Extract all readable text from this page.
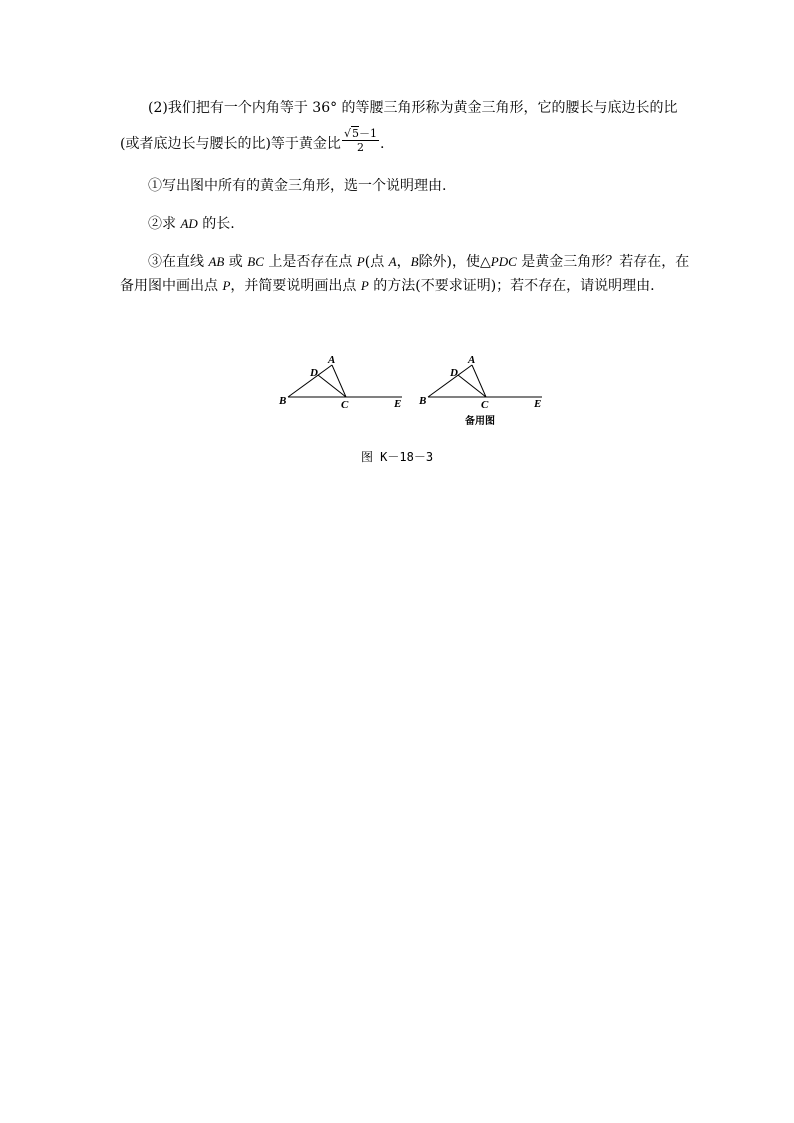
(2)我们把有一个内角等于 36° 的等腰三角形称为黄金三角形，它的腰长与底边长的比
(或者底边长与腰长的比)等于黄金比 $\frac{√5-1}{2}$ .
①写出图中所有的黄金三角形，选一个说明理由.
②求 AD 的长.
③在直线 AB 或 BC 上是否存在点 P(点 A，B除外)，使△PDC 是黄金三角形？若存在，在
备用图中画出点 P，并简要说明画出点 P 的方法(不要求证明)；若不存在，请说明理由.
A
D
B	C	E
A
D
B	C	E
备用图
图 K－18－3
